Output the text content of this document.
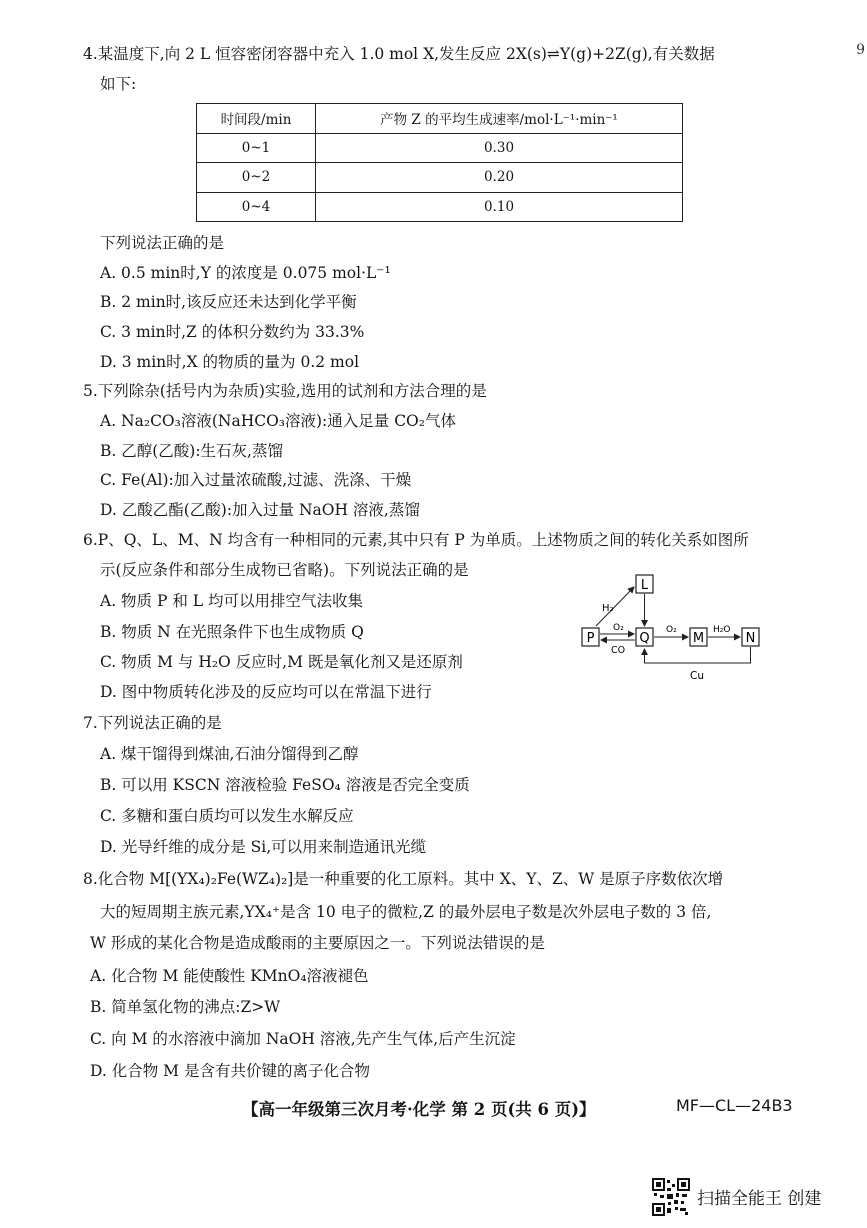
9
4.某温度下,向 2 L 恒容密闭容器中充入 1.0 mol X,发生反应 2X(s)⇌Y(g)+2Z(g),有关数据
如下:
时间段/min	产物 Z 的平均生成速率/mol·L⁻¹·min⁻¹
0~1	0.30
0~2	0.20
0~4	0.10
下列说法正确的是
A. 0.5 min时,Y 的浓度是 0.075 mol·L⁻¹
B. 2 min时,该反应还未达到化学平衡
C. 3 min时,Z 的体积分数约为 33.3%
D. 3 min时,X 的物质的量为 0.2 mol
5.下列除杂(括号内为杂质)实验,选用的试剂和方法合理的是
A. Na₂CO₃溶液(NaHCO₃溶液):通入足量 CO₂气体
B. 乙醇(乙酸):生石灰,蒸馏
C. Fe(Al):加入过量浓硫酸,过滤、洗涤、干燥
D. 乙酸乙酯(乙酸):加入过量 NaOH 溶液,蒸馏
6.P、Q、L、M、N 均含有一种相同的元素,其中只有 P 为单质。上述物质之间的转化关系如图所
示(反应条件和部分生成物已省略)。下列说法正确的是
A. 物质 P 和 L 均可以用排空气法收集
B. 物质 N 在光照条件下也生成物质 Q
C. 物质 M 与 H₂O 反应时,M 既是氧化剂又是还原剂
D. 图中物质转化涉及的反应均可以在常温下进行
P
L
Q	M	N
H₂
O₂
CO
O₂	H₂O
Cu
7.下列说法正确的是
A. 煤干馏得到煤油,石油分馏得到乙醇
B. 可以用 KSCN 溶液检验 FeSO₄ 溶液是否完全变质
C. 多糖和蛋白质均可以发生水解反应
D. 光导纤维的成分是 Si,可以用来制造通讯光缆
8.化合物 M[(YX₄)₂Fe(WZ₄)₂]是一种重要的化工原料。其中 X、Y、Z、W 是原子序数依次增
大的短周期主族元素,YX₄⁺是含 10 电子的微粒,Z 的最外层电子数是次外层电子数的 3 倍,
W 形成的某化合物是造成酸雨的主要原因之一。下列说法错误的是
A. 化合物 M 能使酸性 KMnO₄溶液褪色
B. 简单氢化物的沸点:Z>W
C. 向 M 的水溶液中滴加 NaOH 溶液,先产生气体,后产生沉淀
D. 化合物 M 是含有共价键的离子化合物
【高一年级第三次月考·化学 第 2 页(共 6 页)】	MF—CL—24B3
扫描全能王 创建
